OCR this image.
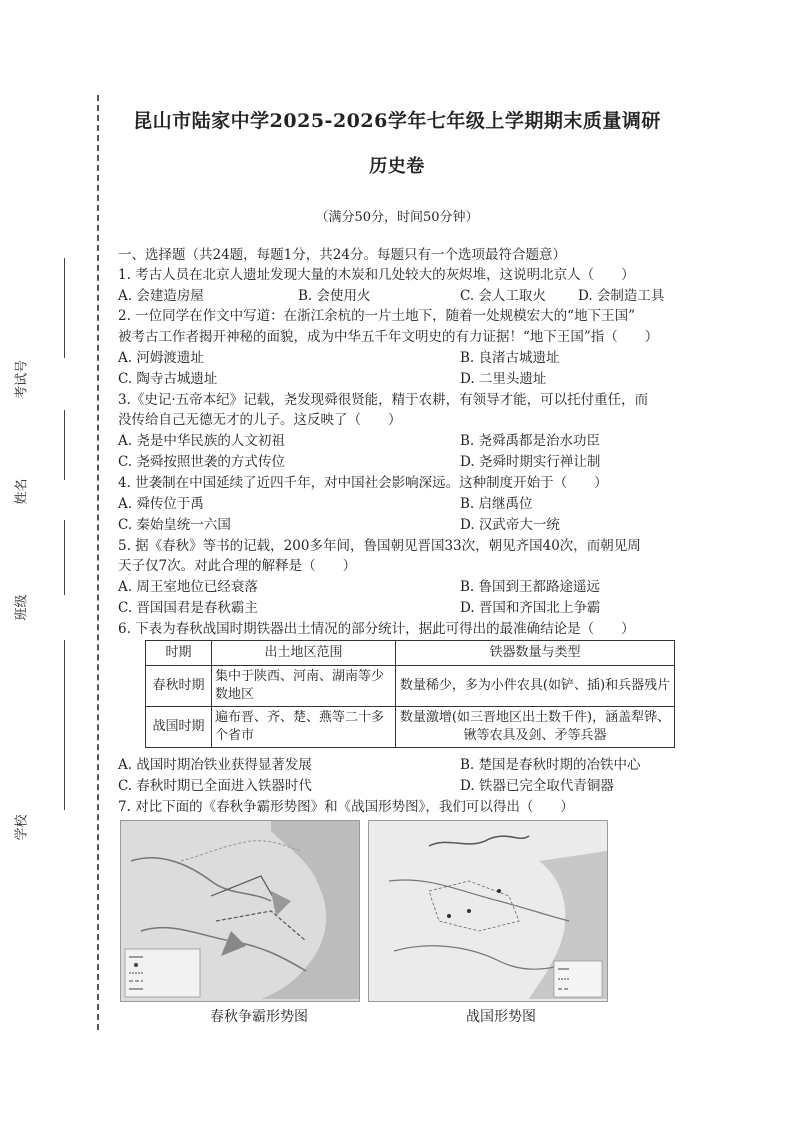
考试号
姓名
班级
学校
昆山市陆家中学2025-2026学年七年级上学期期末质量调研
历史卷
（满分50分，时间50分钟）
一、选择题（共24题，每题1分，共24分。每题只有一个选项最符合题意）
1. 考古人员在北京人遗址发现大量的木炭和几处较大的灰烬堆，这说明北京人（　　）
A. 会建造房屋	B. 会使用火	C. 会人工取火 D. 会制造工具
2. 一位同学在作文中写道：在浙江余杭的一片土地下，随着一处规模宏大的“地下王国”
被考古工作者揭开神秘的面貌，成为中华五千年文明史的有力证据！“地下王国”指（　　）
A. 河姆渡遗址	B. 良渚古城遗址
C. 陶寺古城遗址	D. 二里头遗址
3.《史记·五帝本纪》记载，尧发现舜很贤能，精于农耕，有领导才能，可以托付重任，而
没传给自己无德无才的儿子。这反映了（　　）
A. 尧是中华民族的人文初祖	B. 尧舜禹都是治水功臣
C. 尧舜按照世袭的方式传位	D. 尧舜时期实行禅让制
4. 世袭制在中国延续了近四千年，对中国社会影响深远。这种制度开始于（　　）
A. 舜传位于禹	B. 启继禹位
C. 秦始皇统一六国	D. 汉武帝大一统
5. 据《春秋》等书的记载，200多年间，鲁国朝见晋国33次，朝见齐国40次，而朝见周
天子仅7次。对此合理的解释是（　　）
A. 周王室地位已经衰落	B. 鲁国到王都路途遥远
C. 晋国国君是春秋霸主	D. 晋国和齐国北上争霸
6. 下表为春秋战国时期铁器出土情况的部分统计，据此可得出的最准确结论是（　　）
时期	出土地区范围	铁器数量与类型
春秋时期	集中于陕西、河南、湖南等少数地区	数量稀少，多为小件农具(如铲、插)和兵器残片
战国时期	遍布晋、齐、楚、燕等二十多个省市	数量激增(如三晋地区出土数千件)，涵盖犁铧、锹等农具及剑、矛等兵器
A. 战国时期冶铁业获得显著发展	B. 楚国是春秋时期的冶铁中心
C. 春秋时期已全面进入铁器时代	D. 铁器已完全取代青铜器
7. 对比下面的《春秋争霸形势图》和《战国形势图》，我们可以得出（　　）
春秋争霸形势图	战国形势图
